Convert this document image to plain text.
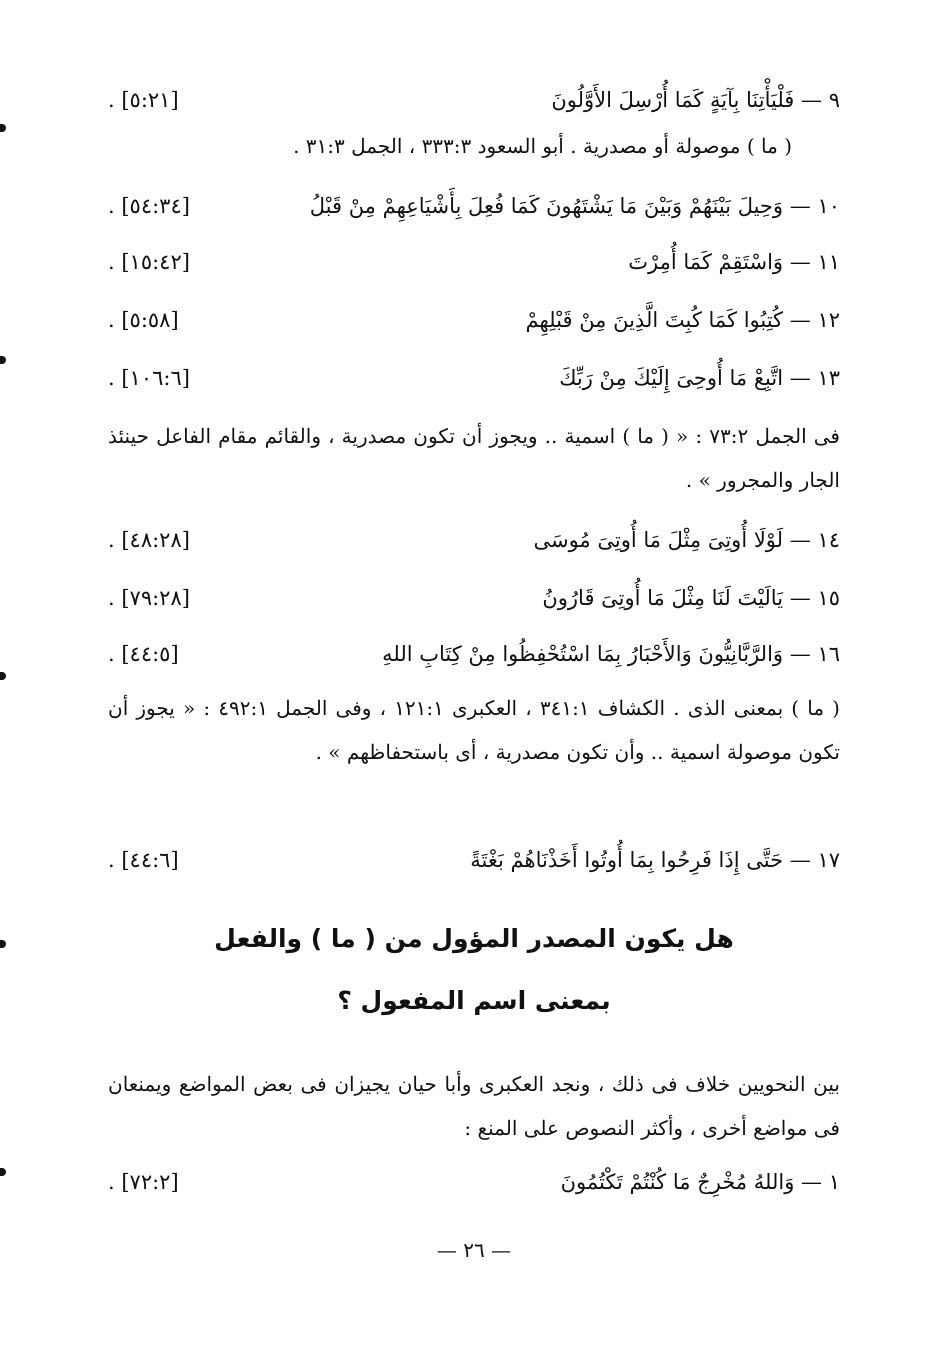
٩ — فَلْيَأْتِنَا بِآيَةٍ كَمَا أُرْسِلَ الأَوَّلُونَ
[٥:٢١] .
( ما ) موصولة أو مصدرية . أبو السعود ٣٣٣:٣ ، الجمل ٣١:٣ .
١٠ — وَحِيلَ بَيْنَهُمْ وَبَيْنَ مَا يَشْتَهُونَ كَمَا فُعِلَ بِأَشْيَاعِهِمْ مِنْ قَبْلُ
[٥٤:٣٤] .
١١ — وَاسْتَقِمْ كَمَا أُمِرْتَ
[١٥:٤٢] .
١٢ — كُتِبُوا كَمَا كُبِتَ الَّذِينَ مِنْ قَبْلِهِمْ
[٥:٥٨] .
١٣ — اتَّبِعْ مَا أُوحِىَ إِلَيْكَ مِنْ رَبِّكَ
[١٠٦:٦] .
فى الجمل ٧٣:٢ : « ( ما ) اسمية .. ويجوز أن تكون مصدرية ، والقائم مقام الفاعل حينئذ الجار والمجرور » .
١٤ — لَوْلَا أُوتِىَ مِثْلَ مَا أُوتِىَ مُوسَى
[٤٨:٢٨] .
١٥ — يَالَيْتَ لَنَا مِثْلَ مَا أُوتِىَ قَارُونُ
[٧٩:٢٨] .
١٦ — وَالرَّبَّانِيُّونَ وَالأَحْبَارُ بِمَا اسْتُحْفِظُوا مِنْ كِتَابِ اللهِ
[٤٤:٥] .
( ما ) بمعنى الذى . الكشاف ٣٤١:١ ، العكبرى ١٢١:١ ، وفى الجمل ٤٩٢:١ : « يجوز أن تكون موصولة اسمية .. وأن تكون مصدرية ، أى باستحفاظهم » .
١٧ — حَتَّى إِذَا فَرِحُوا بِمَا أُوتُوا أَخَذْنَاهُمْ بَغْتَةً
[٤٤:٦] .
هل يكون المصدر المؤول من ( ما ) والفعل
بمعنى اسم المفعول ؟
بين النحويين خلاف فى ذلك ، ونجد العكبرى وأبا حيان يجيزان فى بعض المواضع ويمنعان فى مواضع أخرى ، وأكثر النصوص على المنع :
١ — وَاللهُ مُخْرِجٌ مَا كُنْتُمْ تَكْتُمُونَ
[٧٢:٢] .
— ٢٦ —
